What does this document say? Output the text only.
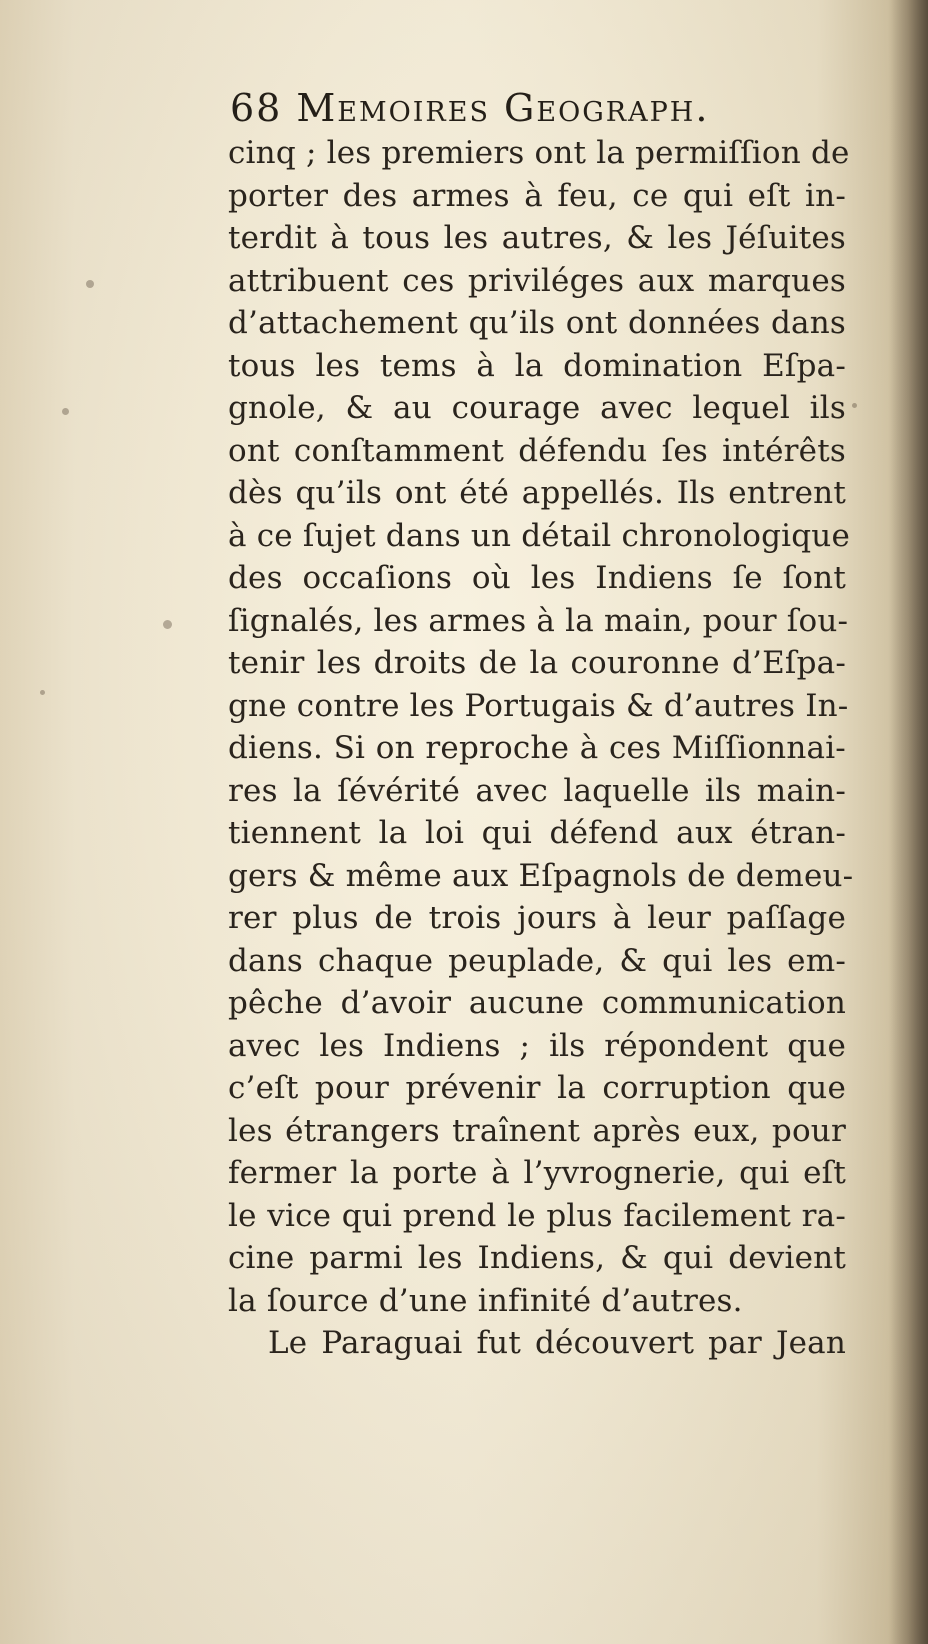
68 Memoires Geograph.
cinq ; les premiers ont la permiſſion de
porter des armes à feu, ce qui eſt in-
terdit à tous les autres, & les Jéſuites
attribuent ces priviléges aux marques
d’attachement qu’ils ont données dans
tous les tems à la domination Eſpa-
gnole, & au courage avec lequel ils
ont conſtamment défendu ſes intérêts
dès qu’ils ont été appellés. Ils entrent
à ce ſujet dans un détail chronologique
des occaſions où les Indiens ſe ſont
ſignalés, les armes à la main, pour ſou-
tenir les droits de la couronne d’Eſpa-
gne contre les Portugais & d’autres In-
diens. Si on reproche à ces Miſſionnai-
res la ſévérité avec laquelle ils main-
tiennent la loi qui défend aux étran-
gers & même aux Eſpagnols de demeu-
rer plus de trois jours à leur paſſage
dans chaque peuplade, & qui les em-
pêche d’avoir aucune communication
avec les Indiens ; ils répondent que
c’eſt pour prévenir la corruption que
les étrangers traînent après eux, pour
fermer la porte à l’yvrognerie, qui eſt
le vice qui prend le plus facilement ra-
cine parmi les Indiens, & qui devient
la ſource d’une infinité d’autres.
Le Paraguai fut découvert par Jean
